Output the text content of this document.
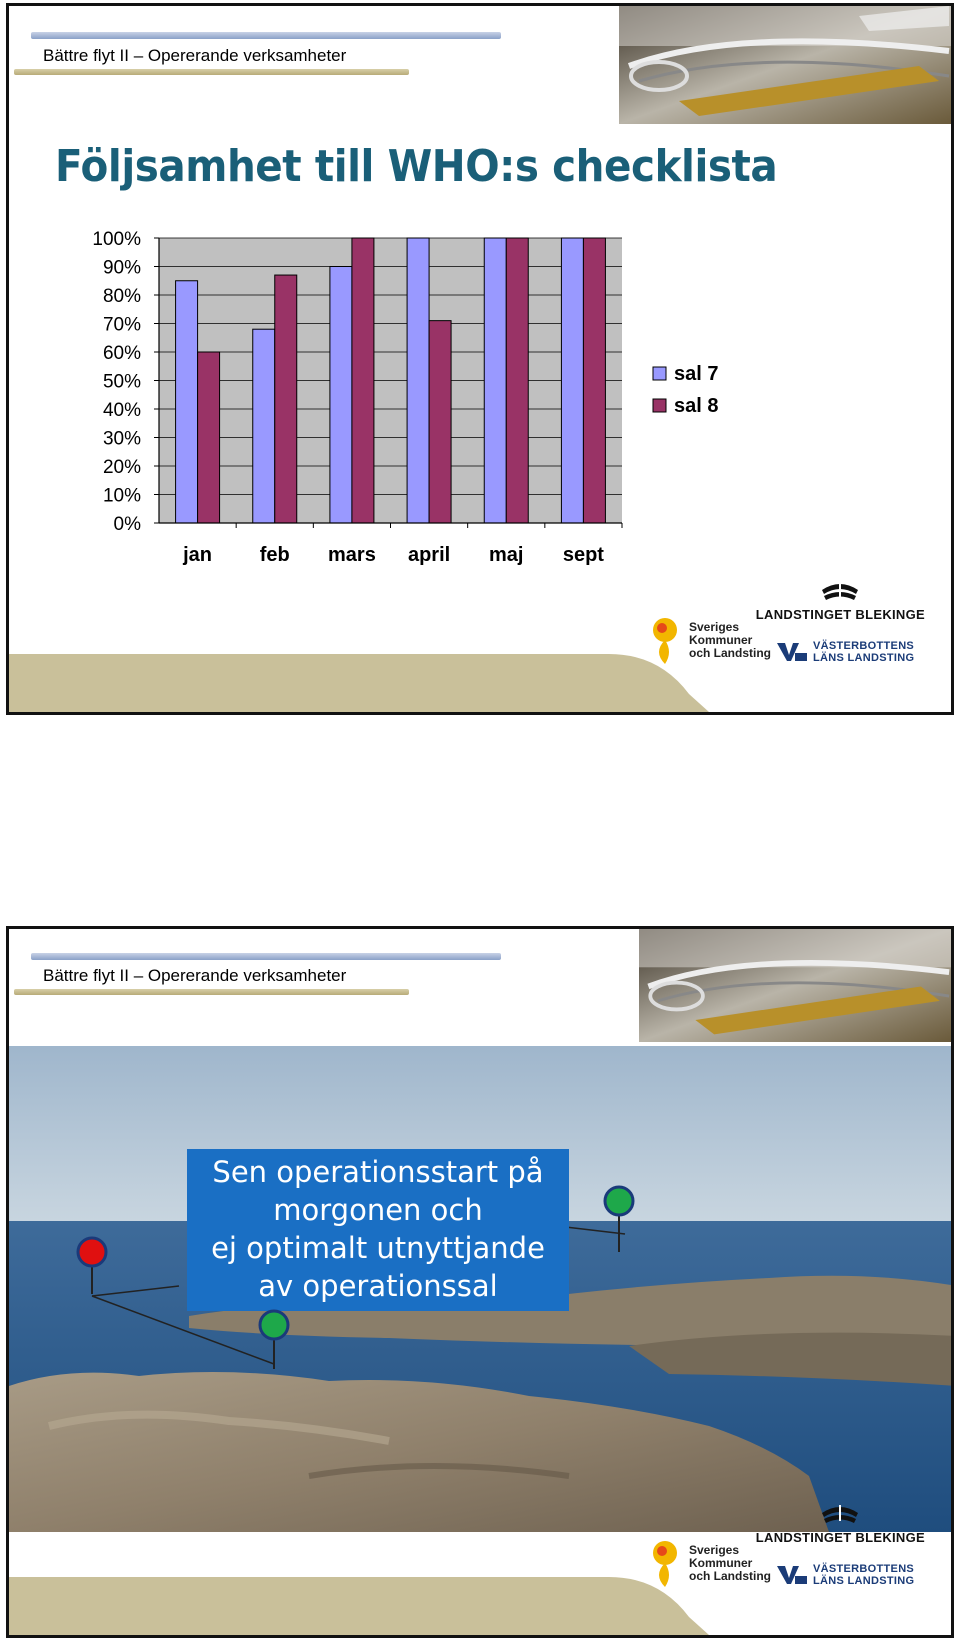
Bättre flyt II – Opererande verksamheter
Följsamhet till WHO:s checklista
0%
10%
20%
30%
40%
50%
60%
70%
80%
90%
100%
jan feb mars april maj sept
sal 7
sal 8
LANDSTINGET BLEKINGE
Sveriges
Kommuner
och Landsting	VÄSTERBOTTENS
LÄNS LANDSTING
Bättre flyt II – Opererande verksamheter
Sen operationsstart på
morgonen och
ej optimalt utnyttjande
av operationssal
LANDSTINGET BLEKINGE
Sveriges
Kommuner
och Landsting	VÄSTERBOTTENS
LÄNS LANDSTING
